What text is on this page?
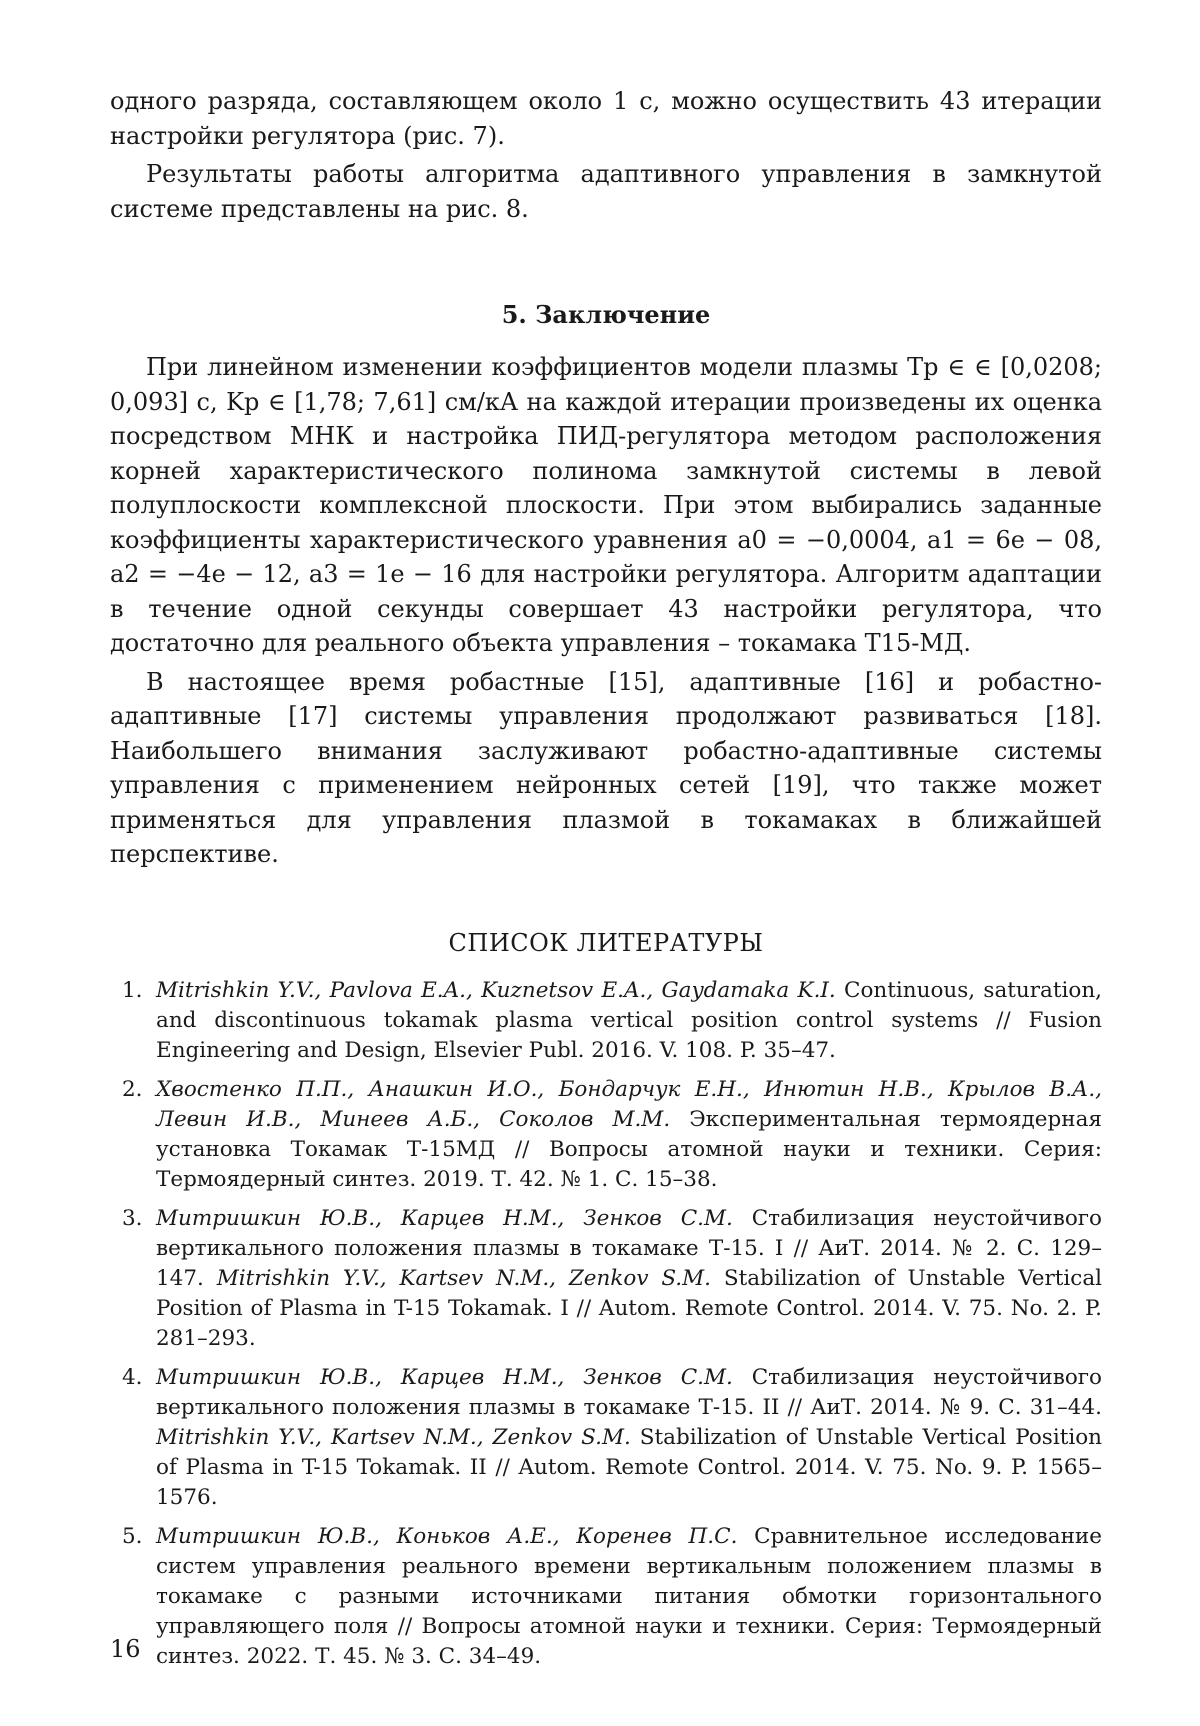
одного разряда, составляющем около 1 с, можно осуществить 43 итерации настройки регулятора (рис. 7).

Результаты работы алгоритма адаптивного управления в замкнутой системе представлены на рис. 8.

5. Заключение

При линейном изменении коэффициентов модели плазмы Tp ∈ ∈ [0,0208; 0,093] с, Kp ∈ [1,78; 7,61] см/кА на каждой итерации произведены их оценка посредством МНК и настройка ПИД-регулятора методом расположения корней характеристического полинома замкнутой системы в левой полуплоскости комплексной плоскости. При этом выбирались заданные коэффициенты характеристического уравнения a0 = −0,0004, a1 = 6e − 08, a2 = −4e − 12, a3 = 1e − 16 для настройки регулятора. Алгоритм адаптации в течение одной секунды совершает 43 настройки регулятора, что достаточно для реального объекта управления – токамака Т15-МД.

В настоящее время робастные [15], адаптивные [16] и робастно-адаптивные [17] системы управления продолжают развиваться [18]. Наибольшего внимания заслуживают робастно-адаптивные системы управления с применением нейронных сетей [19], что также может применяться для управления плазмой в токамаках в ближайшей перспективе.

СПИСОК ЛИТЕРАТУРЫ
1. Mitrishkin Y.V., Pavlova E.A., Kuznetsov E.A., Gaydamaka K.I. Continuous, saturation, and discontinuous tokamak plasma vertical position control systems // Fusion Engineering and Design, Elsevier Publ. 2016. V. 108. P. 35–47.
2. Хвостенко П.П., Анашкин И.О., Бондарчук Е.Н., Инютин Н.В., Крылов В.А., Левин И.В., Минеев А.Б., Соколов М.М. Экспериментальная термоядерная установка Токамак Т-15МД // Вопросы атомной науки и техники. Серия: Термоядерный синтез. 2019. Т. 42. № 1. С. 15–38.
3. Митришкин Ю.В., Карцев Н.М., Зенков С.М. Стабилизация неустойчивого вертикального положения плазмы в токамаке Т-15. I // АиТ. 2014. № 2. С. 129–147. Mitrishkin Y.V., Kartsev N.M., Zenkov S.M. Stabilization of Unstable Vertical Position of Plasma in T-15 Tokamak. I // Autom. Remote Control. 2014. V. 75. No. 2. P. 281–293.
4. Митришкин Ю.В., Карцев Н.М., Зенков С.М. Стабилизация неустойчивого вертикального положения плазмы в токамаке Т-15. II // АиТ. 2014. № 9. С. 31–44. Mitrishkin Y.V., Kartsev N.M., Zenkov S.M. Stabilization of Unstable Vertical Position of Plasma in T-15 Tokamak. II // Autom. Remote Control. 2014. V. 75. No. 9. P. 1565–1576.
5. Митришкин Ю.В., Коньков А.Е., Коренев П.С. Сравнительное исследование систем управления реального времени вертикальным положением плазмы в токамаке с разными источниками питания обмотки горизонтального управляющего поля // Вопросы атомной науки и техники. Серия: Термоядерный синтез. 2022. Т. 45. № 3. С. 34–49.
16
